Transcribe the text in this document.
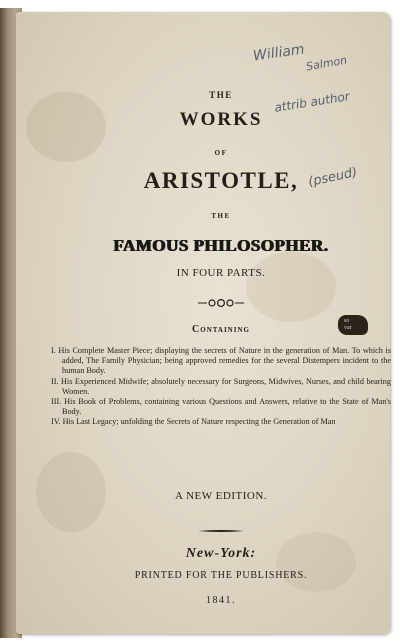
THE

WORKS

OF

ARISTOTLE,

THE

FAMOUS PHILOSOPHER.

IN FOUR PARTS.

Containing

I. His Complete Master Piece; displaying the secrets of Nature in the generation of Man. To which is added, The Family Physician; being approved remedies for the several Distempers incident to the human Body.
II. His Experienced Midwife; absolutely necessary for Surgeons, Midwives, Nurses, and child bearing Women.
III. His Book of Problems, containing various Questions and Answers, relative to the State of Man's Body.
IV. His Last Legacy; unfolding the Secrets of Nature respecting the Generation of Man

A NEW EDITION.

New-York:

PRINTED FOR THE PUBLISHERS.

1841.

William Salmon
attrib author
(pseud)
so
var
